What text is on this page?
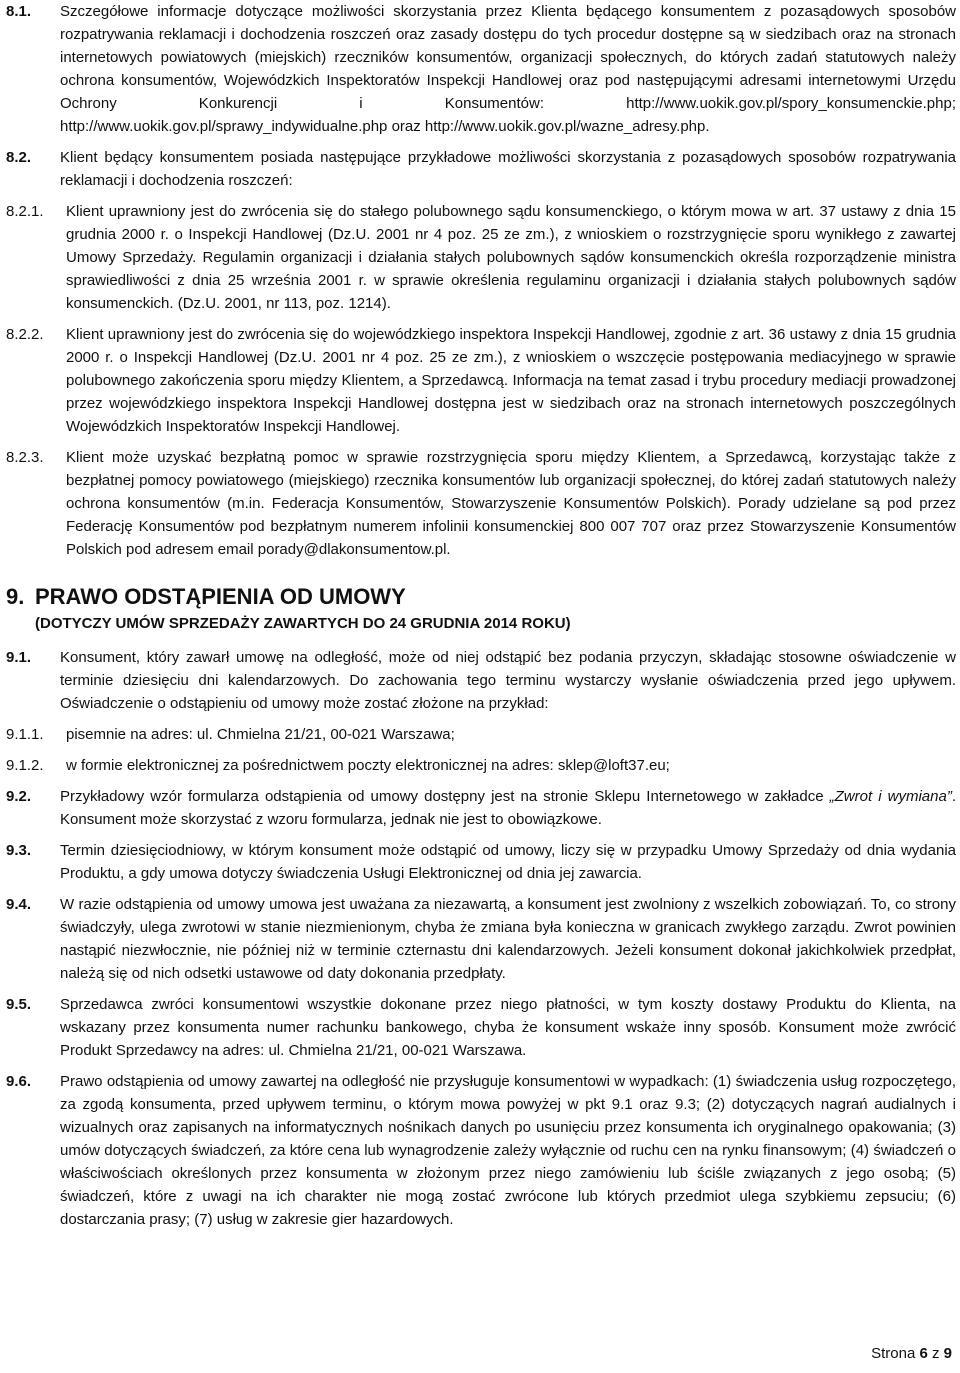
8.1. Szczegółowe informacje dotyczące możliwości skorzystania przez Klienta będącego konsumentem z pozasądowych sposobów rozpatrywania reklamacji i dochodzenia roszczeń oraz zasady dostępu do tych procedur dostępne są w siedzibach oraz na stronach internetowych powiatowych (miejskich) rzeczników konsumentów, organizacji społecznych, do których zadań statutowych należy ochrona konsumentów, Wojewódzkich Inspektoratów Inspekcji Handlowej oraz pod następującymi adresami internetowymi Urzędu Ochrony Konkurencji i Konsumentów: http://www.uokik.gov.pl/spory_konsumenckie.php; http://www.uokik.gov.pl/sprawy_indywidualne.php oraz http://www.uokik.gov.pl/wazne_adresy.php.
8.2. Klient będący konsumentem posiada następujące przykładowe możliwości skorzystania z pozasądowych sposobów rozpatrywania reklamacji i dochodzenia roszczeń:
8.2.1. Klient uprawniony jest do zwrócenia się do stałego polubownego sądu konsumenckiego, o którym mowa w art. 37 ustawy z dnia 15 grudnia 2000 r. o Inspekcji Handlowej (Dz.U. 2001 nr 4 poz. 25 ze zm.), z wnioskiem o rozstrzygnięcie sporu wynikłego z zawartej Umowy Sprzedaży. Regulamin organizacji i działania stałych polubownych sądów konsumenckich określa rozporządzenie ministra sprawiedliwości z dnia 25 września 2001 r. w sprawie określenia regulaminu organizacji i działania stałych polubownych sądów konsumenckich. (Dz.U. 2001, nr 113, poz. 1214).
8.2.2. Klient uprawniony jest do zwrócenia się do wojewódzkiego inspektora Inspekcji Handlowej, zgodnie z art. 36 ustawy z dnia 15 grudnia 2000 r. o Inspekcji Handlowej (Dz.U. 2001 nr 4 poz. 25 ze zm.), z wnioskiem o wszczęcie postępowania mediacyjnego w sprawie polubownego zakończenia sporu między Klientem, a Sprzedawcą. Informacja na temat zasad i trybu procedury mediacji prowadzonej przez wojewódzkiego inspektora Inspekcji Handlowej dostępna jest w siedzibach oraz na stronach internetowych poszczególnych Wojewódzkich Inspektoratów Inspekcji Handlowej.
8.2.3. Klient może uzyskać bezpłatną pomoc w sprawie rozstrzygnięcia sporu między Klientem, a Sprzedawcą, korzystając także z bezpłatnej pomocy powiatowego (miejskiego) rzecznika konsumentów lub organizacji społecznej, do której zadań statutowych należy ochrona konsumentów (m.in. Federacja Konsumentów, Stowarzyszenie Konsumentów Polskich). Porady udzielane są pod przez Federację Konsumentów pod bezpłatnym numerem infolinii konsumenckiej 800 007 707 oraz przez Stowarzyszenie Konsumentów Polskich pod adresem email porady@dlakonsumentow.pl.
9. PRAWO ODSTĄPIENIA OD UMOWY
(DOTYCZY UMÓW SPRZEDAŻY ZAWARTYCH DO 24 GRUDNIA 2014 ROKU)
9.1. Konsument, który zawarł umowę na odległość, może od niej odstąpić bez podania przyczyn, składając stosowne oświadczenie w terminie dziesięciu dni kalendarzowych. Do zachowania tego terminu wystarczy wysłanie oświadczenia przed jego upływem. Oświadczenie o odstąpieniu od umowy może zostać złożone na przykład:
9.1.1. pisemnie na adres: ul. Chmielna 21/21, 00-021 Warszawa;
9.1.2. w formie elektronicznej za pośrednictwem poczty elektronicznej na adres: sklep@loft37.eu;
9.2. Przykładowy wzór formularza odstąpienia od umowy dostępny jest na stronie Sklepu Internetowego w zakładce „Zwrot i wymiana”. Konsument może skorzystać z wzoru formularza, jednak nie jest to obowiązkowe.
9.3. Termin dziesięciodniowy, w którym konsument może odstąpić od umowy, liczy się w przypadku Umowy Sprzedaży od dnia wydania Produktu, a gdy umowa dotyczy świadczenia Usługi Elektronicznej od dnia jej zawarcia.
9.4. W razie odstąpienia od umowy umowa jest uważana za niezawartą, a konsument jest zwolniony z wszelkich zobowiązań. To, co strony świadczyły, ulega zwrotowi w stanie niezmienionym, chyba że zmiana była konieczna w granicach zwykłego zarządu. Zwrot powinien nastąpić niezwłocznie, nie później niż w terminie czternastu dni kalendarzowych. Jeżeli konsument dokonał jakichkolwiek przedpłat, należą się od nich odsetki ustawowe od daty dokonania przedpłaty.
9.5. Sprzedawca zwróci konsumentowi wszystkie dokonane przez niego płatności, w tym koszty dostawy Produktu do Klienta, na wskazany przez konsumenta numer rachunku bankowego, chyba że konsument wskaże inny sposób. Konsument może zwrócić Produkt Sprzedawcy na adres: ul. Chmielna 21/21, 00-021 Warszawa.
9.6. Prawo odstąpienia od umowy zawartej na odległość nie przysługuje konsumentowi w wypadkach: (1) świadczenia usług rozpoczętego, za zgodą konsumenta, przed upływem terminu, o którym mowa powyżej w pkt 9.1 oraz 9.3; (2) dotyczących nagrań audialnych i wizualnych oraz zapisanych na informatycznych nośnikach danych po usunięciu przez konsumenta ich oryginalnego opakowania; (3) umów dotyczących świadczeń, za które cena lub wynagrodzenie zależy wyłącznie od ruchu cen na rynku finansowym; (4) świadczeń o właściwościach określonych przez konsumenta w złożonym przez niego zamówieniu lub ściśle związanych z jego osobą; (5) świadczeń, które z uwagi na ich charakter nie mogą zostać zwrócone lub których przedmiot ulega szybkiemu zepsuciu; (6) dostarczania prasy; (7) usług w zakresie gier hazardowych.
Strona 6 z 9
